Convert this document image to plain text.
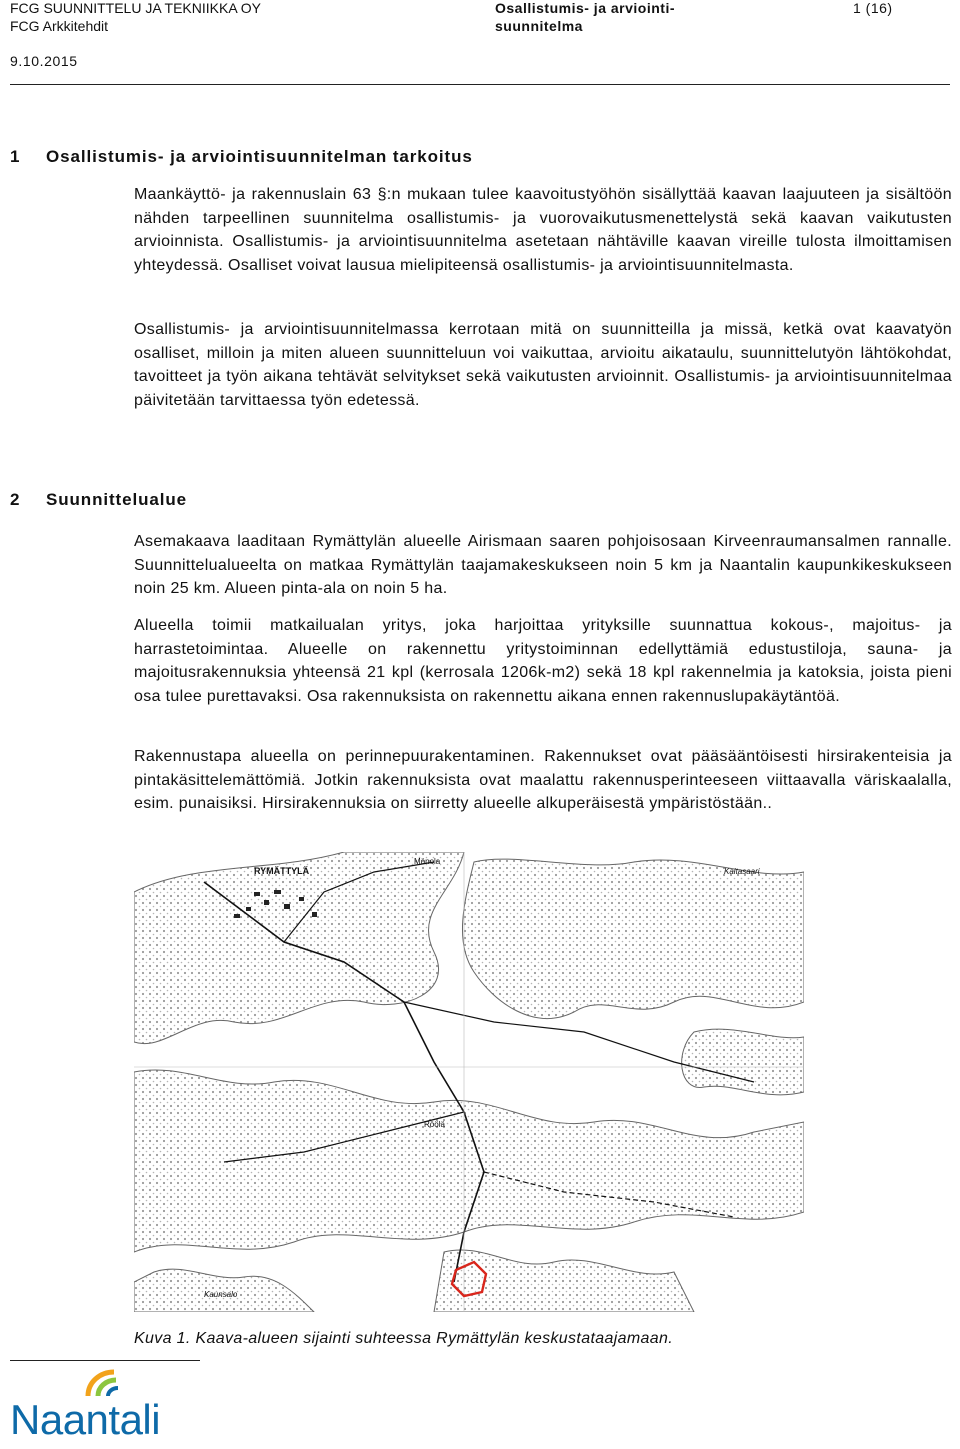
FCG SUUNNITTELU JA TEKNIIKKA OY
FCG Arkkitehdit
9.10.2015
Osallistumis- ja arviointi-
suunnitelma
1 (16)
1 Osallistumis- ja arviointisuunnitelman tarkoitus

Maankäyttö- ja rakennuslain 63 §:n mukaan tulee kaavoitustyöhön sisällyttää kaavan laajuuteen ja sisältöön nähden tarpeellinen suunnitelma osallistumis- ja vuorovaikutusmenettelystä sekä kaavan vaikutusten arvioinnista. Osallistumis- ja arviointisuunnitelma asetetaan nähtäville kaavan vireille tulosta ilmoittamisen yhteydessä. Osalliset voivat lausua mielipiteensä osallistumis- ja arviointisuunnitelmasta.

Osallistumis- ja arviointisuunnitelmassa kerrotaan mitä on suunnitteilla ja missä, ketkä ovat kaavatyön osalliset, milloin ja miten alueen suunnitteluun voi vaikuttaa, arvioitu aikataulu, suunnittelutyön lähtökohdat, tavoitteet ja työn aikana tehtävät selvitykset sekä vaikutusten arvioinnit. Osallistumis- ja arviointisuunnitelmaa päivitetään tarvittaessa työn edetessä.

2 Suunnittelualue

Asemakaava laaditaan Rymättylän alueelle Airismaan saaren pohjoisosaan Kirveenraumansalmen rannalle. Suunnittelualueelta on matkaa Rymättylän taajamakeskukseen noin 5 km ja Naantalin kaupunkikeskukseen noin 25 km. Alueen pinta-ala on noin 5 ha.

Alueella toimii matkailualan yritys, joka harjoittaa yrityksille suunnattua kokous-, majoitus- ja harrastetoimintaa. Alueelle on rakennettu yritystoiminnan edellyttämiä edustustiloja, sauna- ja majoitusrakennuksia yhteensä 21 kpl (kerrosala 1206k-m2) sekä 18 kpl rakennelmia ja katoksia, joista pieni osa tulee purettavaksi. Osa rakennuksista on rakennettu aikana ennen rakennuslupakäytäntöä.

Rakennustapa alueella on perinnepuurakentaminen. Rakennukset ovat pääsääntöisesti hirsirakenteisia ja pintakäsittelemättömiä. Jotkin rakennuksista ovat maalattu rakennusperinteeseen viittaavalla väriskaalalla, esim. punaisiksi. Hirsirakennuksia on siirretty alueelle alkuperäisestä ympäristöstään..

RYMÄTTYLÄ
Mönola
Kaitasaari
Röölä
Kaunsalo
Kuva 1. Kaava-alueen sijainti suhteessa Rymättylän keskustataajamaan.
Naantali
